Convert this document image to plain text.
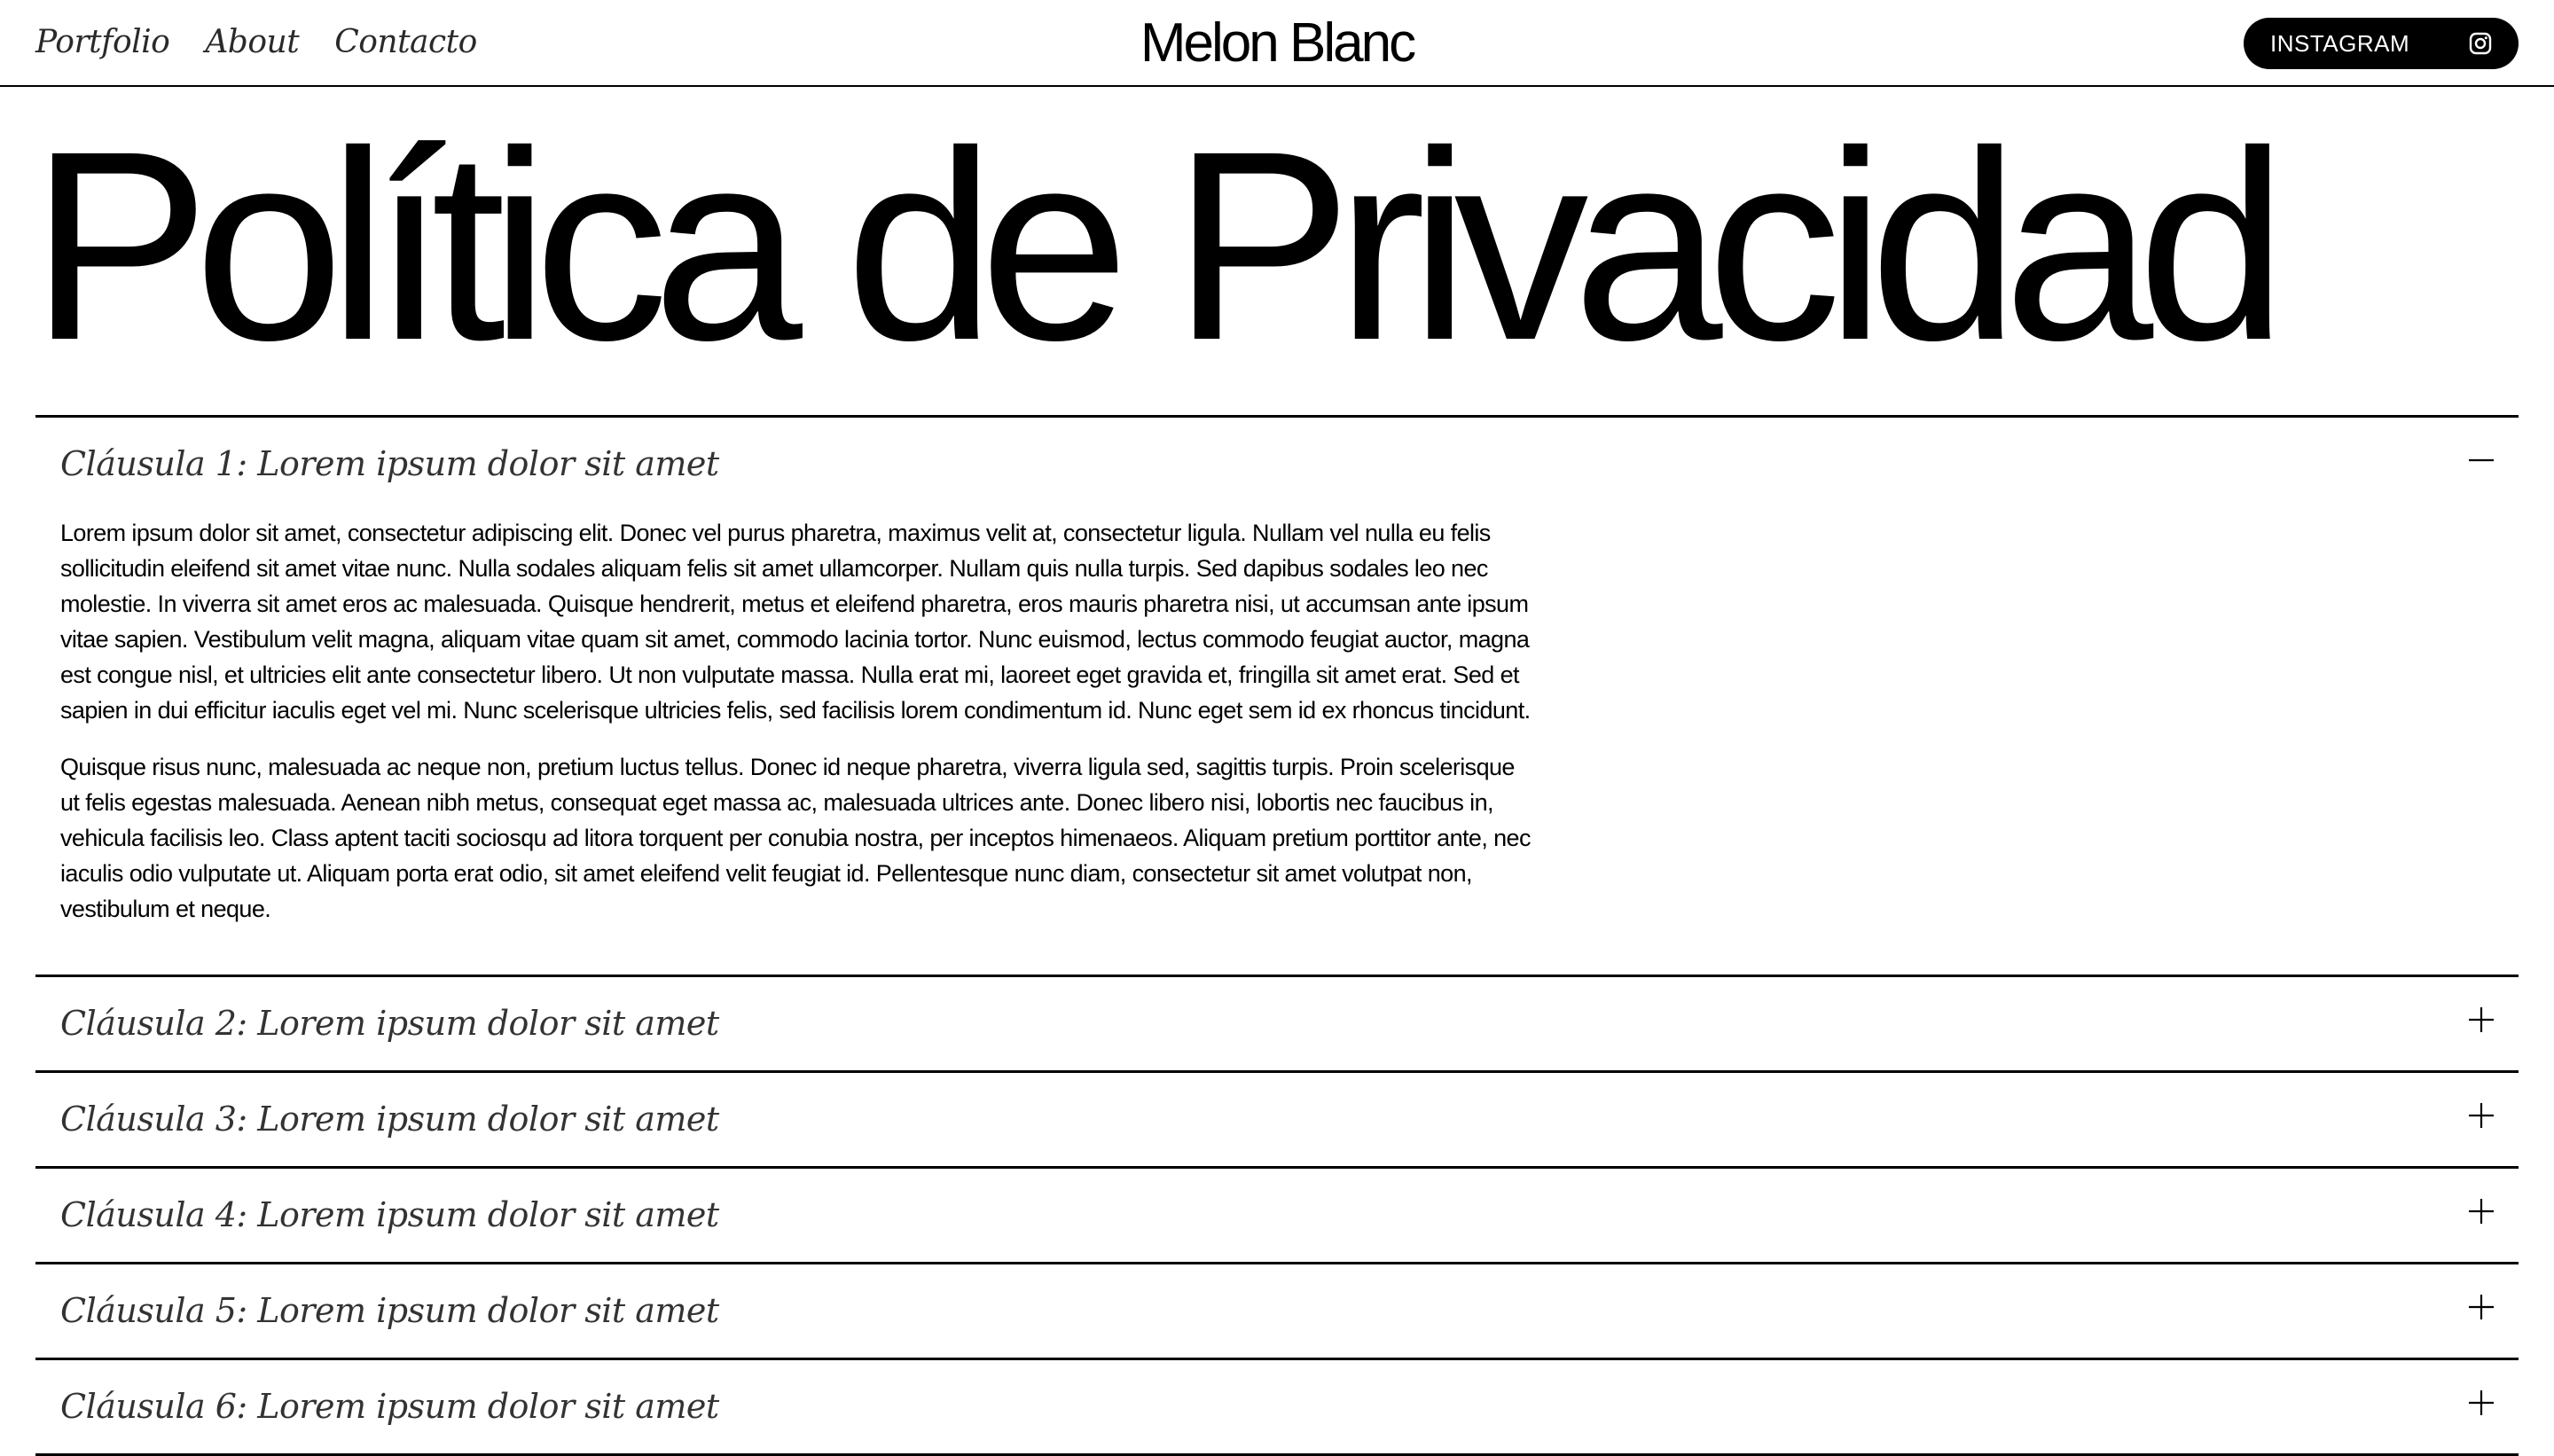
Portfolio About Contacto	Melon Blanc	INSTAGRAM
Política de Privacidad
Cláusula 1: Lorem ipsum dolor sit amet

Lorem ipsum dolor sit amet, consectetur adipiscing elit. Donec vel purus pharetra, maximus velit at, consectetur ligula. Nullam vel nulla eu felis sollicitudin eleifend sit amet vitae nunc. Nulla sodales aliquam felis sit amet ullamcorper. Nullam quis nulla turpis. Sed dapibus sodales leo nec molestie. In viverra sit amet eros ac malesuada. Quisque hendrerit, metus et eleifend pharetra, eros mauris pharetra nisi, ut accumsan ante ipsum vitae sapien. Vestibulum velit magna, aliquam vitae quam sit amet, commodo lacinia tortor. Nunc euismod, lectus commodo feugiat auctor, magna est congue nisl, et ultricies elit ante consectetur libero. Ut non vulputate massa. Nulla erat mi, laoreet eget gravida et, fringilla sit amet erat. Sed et sapien in dui efficitur iaculis eget vel mi. Nunc scelerisque ultricies felis, sed facilisis lorem condimentum id. Nunc eget sem id ex rhoncus tincidunt.

Quisque risus nunc, malesuada ac neque non, pretium luctus tellus. Donec id neque pharetra, viverra ligula sed, sagittis turpis. Proin scelerisque ut felis egestas malesuada. Aenean nibh metus, consequat eget massa ac, malesuada ultrices ante. Donec libero nisi, lobortis nec faucibus in, vehicula facilisis leo. Class aptent taciti sociosqu ad litora torquent per conubia nostra, per inceptos himenaeos. Aliquam pretium porttitor ante, nec iaculis odio vulputate ut. Aliquam porta erat odio, sit amet eleifend velit feugiat id. Pellentesque nunc diam, consectetur sit amet volutpat non, vestibulum et neque.

Cláusula 2: Lorem ipsum dolor sit amet
Cláusula 3: Lorem ipsum dolor sit amet
Cláusula 4: Lorem ipsum dolor sit amet
Cláusula 5: Lorem ipsum dolor sit amet
Cláusula 6: Lorem ipsum dolor sit amet
